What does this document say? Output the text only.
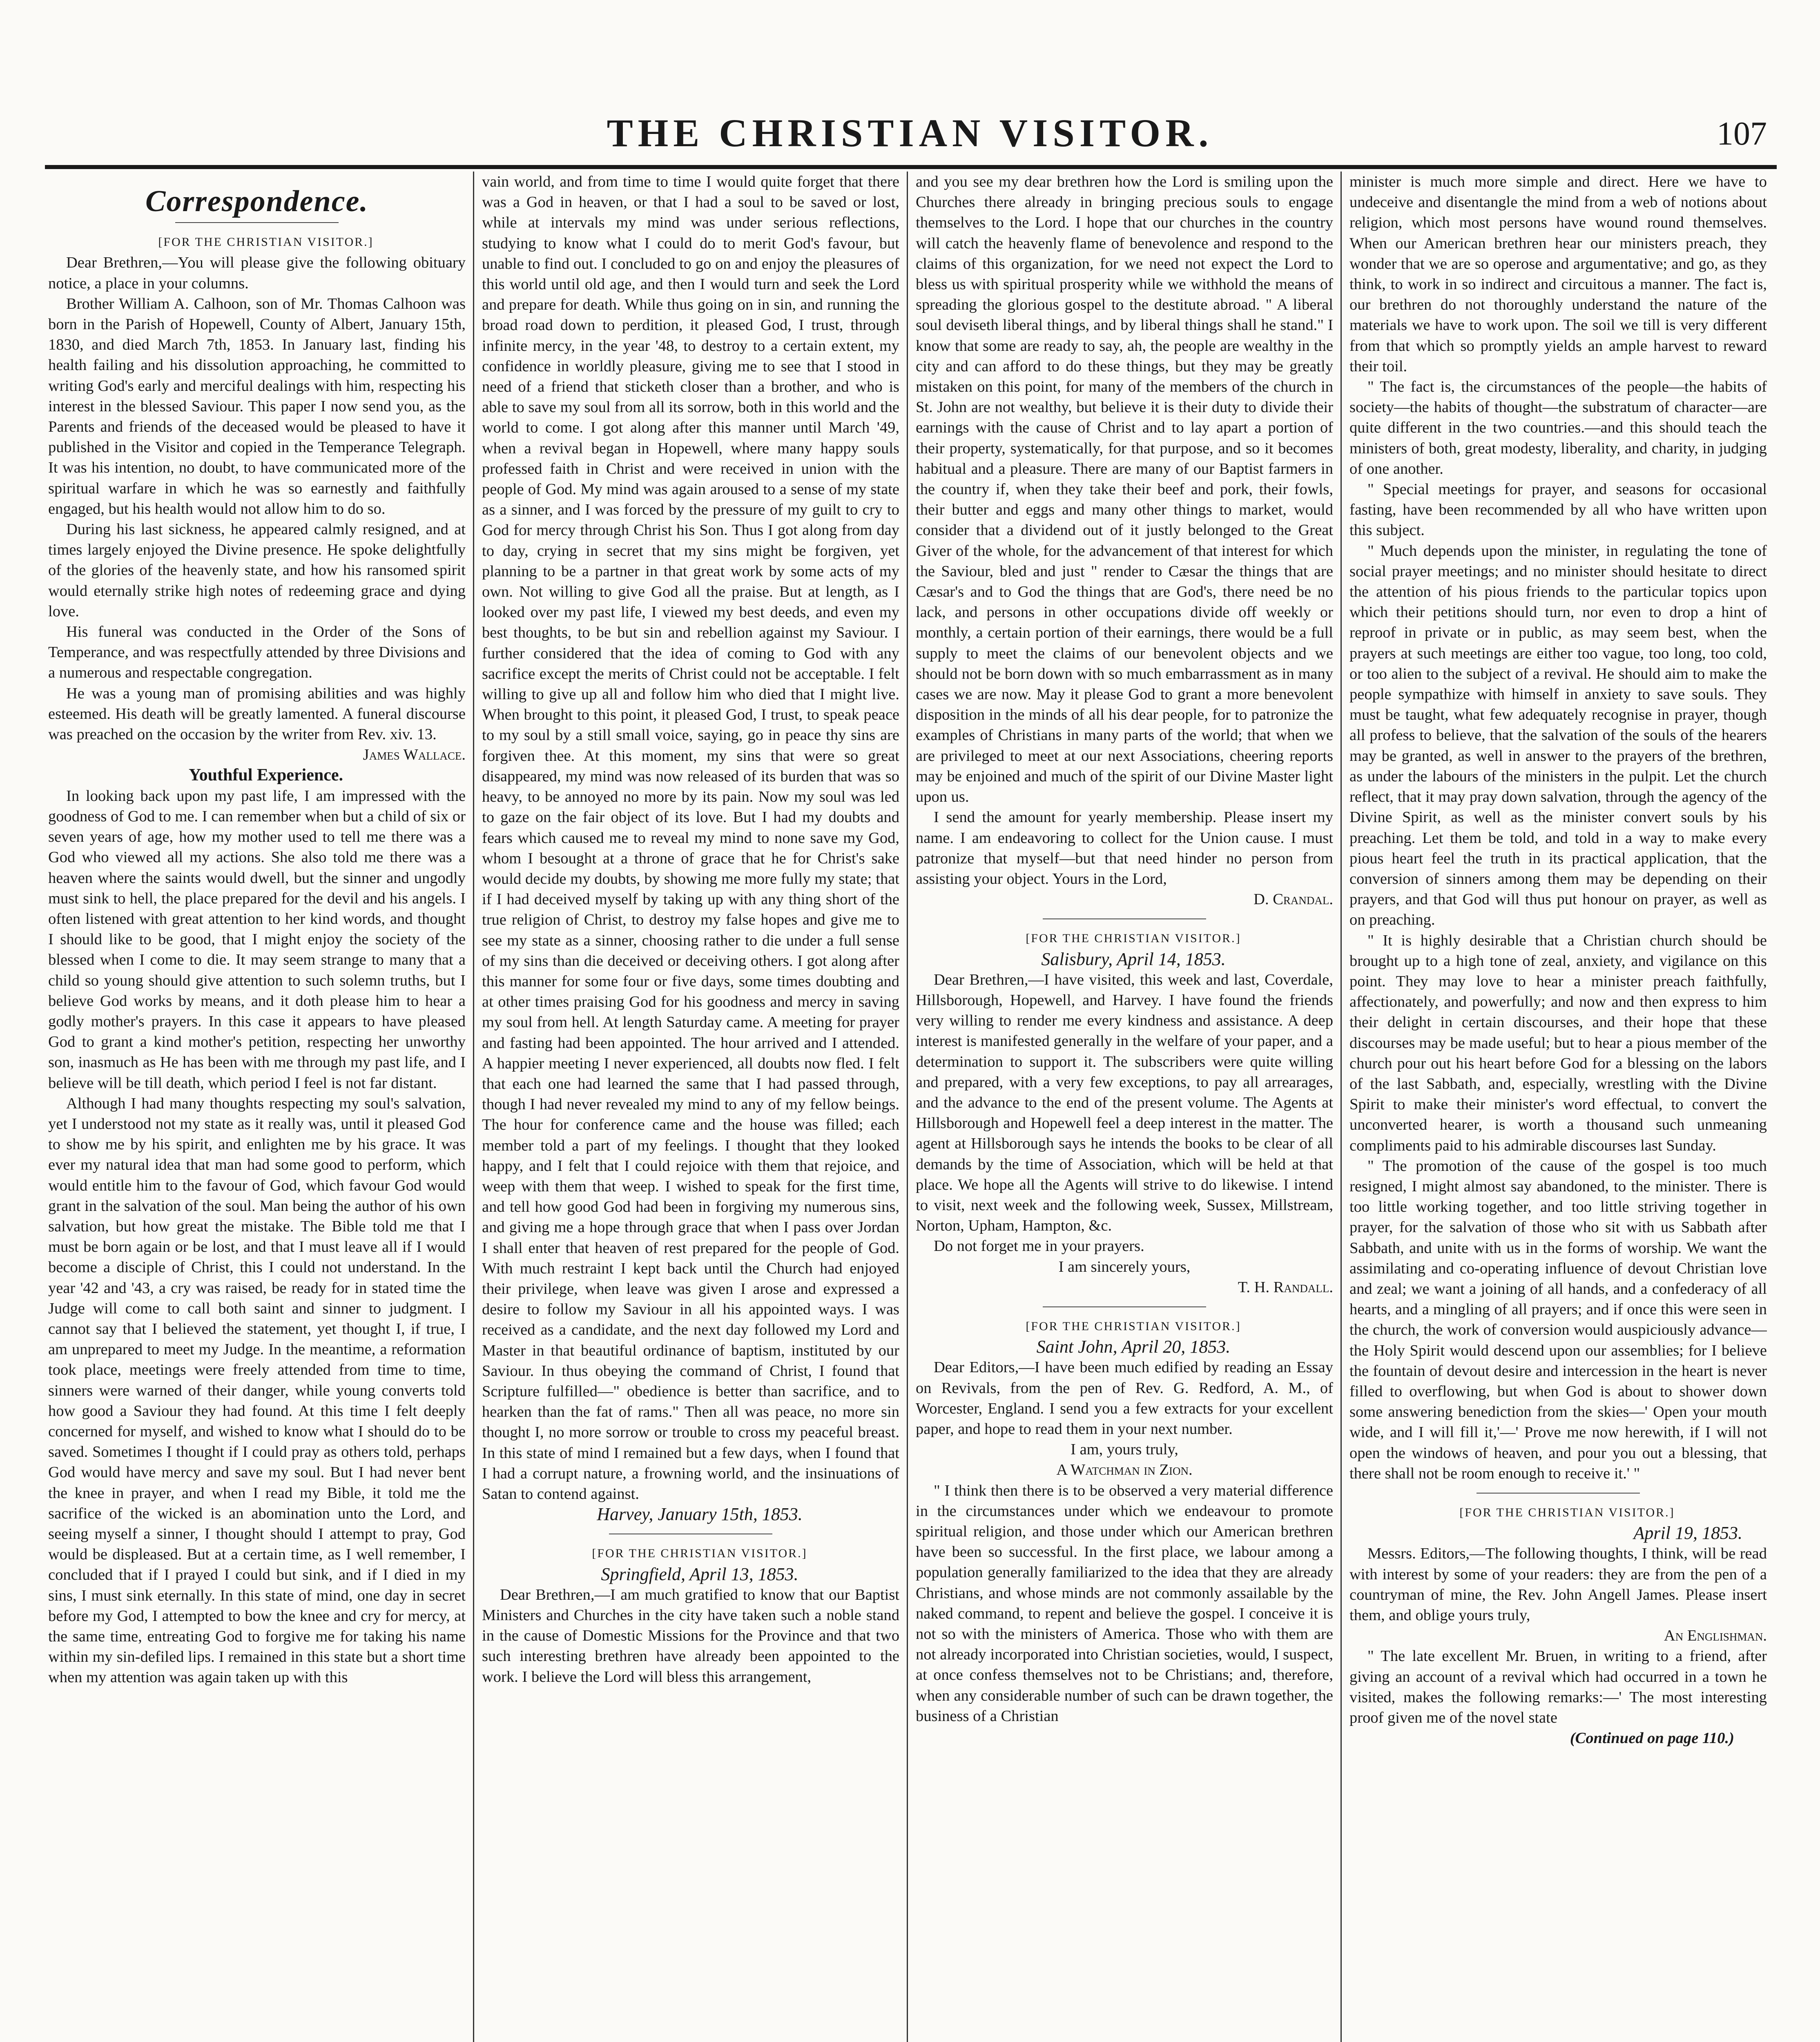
THE CHRISTIAN VISITOR.	107
Correspondence.

[FOR THE CHRISTIAN VISITOR.]

Dear Brethren,—You will please give the following obituary notice, a place in your columns.

Brother William A. Calhoon, son of Mr. Thomas Calhoon was born in the Parish of Hopewell, County of Albert, January 15th, 1830, and died March 7th, 1853. In January last, finding his health failing and his dissolution approaching, he committed to writing God's early and merciful dealings with him, respecting his interest in the blessed Saviour. This paper I now send you, as the Parents and friends of the deceased would be pleased to have it published in the Visitor and copied in the Temperance Telegraph. It was his intention, no doubt, to have communicated more of the spiritual warfare in which he was so earnestly and faithfully engaged, but his health would not allow him to do so.

During his last sickness, he appeared calmly resigned, and at times largely enjoyed the Divine presence. He spoke delightfully of the glories of the heavenly state, and how his ransomed spirit would eternally strike high notes of redeeming grace and dying love.

His funeral was conducted in the Order of the Sons of Temperance, and was respectfully attended by three Divisions and a numerous and respectable congregation.

He was a young man of promising abilities and was highly esteemed. His death will be greatly lamented. A funeral discourse was preached on the occasion by the writer from Rev. xiv. 13.

James Wallace.

Youthful Experience.

In looking back upon my past life, I am impressed with the goodness of God to me. I can remember when but a child of six or seven years of age, how my mother used to tell me there was a God who viewed all my actions. She also told me there was a heaven where the saints would dwell, but the sinner and ungodly must sink to hell, the place prepared for the devil and his angels. I often listened with great attention to her kind words, and thought I should like to be good, that I might enjoy the society of the blessed when I come to die. It may seem strange to many that a child so young should give attention to such solemn truths, but I believe God works by means, and it doth please him to hear a godly mother's prayers. In this case it appears to have pleased God to grant a kind mother's petition, respecting her unworthy son, inasmuch as He has been with me through my past life, and I believe will be till death, which period I feel is not far distant.

Although I had many thoughts respecting my soul's salvation, yet I understood not my state as it really was, until it pleased God to show me by his spirit, and enlighten me by his grace. It was ever my natural idea that man had some good to perform, which would entitle him to the favour of God, which favour God would grant in the salvation of the soul. Man being the author of his own salvation, but how great the mistake. The Bible told me that I must be born again or be lost, and that I must leave all if I would become a disciple of Christ, this I could not understand. In the year '42 and '43, a cry was raised, be ready for in stated time the Judge will come to call both saint and sinner to judgment. I cannot say that I believed the statement, yet thought I, if true, I am unprepared to meet my Judge. In the meantime, a reformation took place, meetings were freely attended from time to time, sinners were warned of their danger, while young converts told how good a Saviour they had found. At this time I felt deeply concerned for myself, and wished to know what I should do to be saved. Sometimes I thought if I could pray as others told, perhaps God would have mercy and save my soul. But I had never bent the knee in prayer, and when I read my Bible, it told me the sacrifice of the wicked is an abomination unto the Lord, and seeing myself a sinner, I thought should I attempt to pray, God would be displeased. But at a certain time, as I well remember, I concluded that if I prayed I could but sink, and if I died in my sins, I must sink eternally. In this state of mind, one day in secret before my God, I attempted to bow the knee and cry for mercy, at the same time, entreating God to forgive me for taking his name within my sin-defiled lips. I remained in this state but a short time when my attention was again taken up with this

vain world, and from time to time I would quite forget that there was a God in heaven, or that I had a soul to be saved or lost, while at intervals my mind was under serious reflections, studying to know what I could do to merit God's favour, but unable to find out. I concluded to go on and enjoy the pleasures of this world until old age, and then I would turn and seek the Lord and prepare for death. While thus going on in sin, and running the broad road down to perdition, it pleased God, I trust, through infinite mercy, in the year '48, to destroy to a certain extent, my confidence in worldly pleasure, giving me to see that I stood in need of a friend that sticketh closer than a brother, and who is able to save my soul from all its sorrow, both in this world and the world to come. I got along after this manner until March '49, when a revival began in Hopewell, where many happy souls professed faith in Christ and were received in union with the people of God. My mind was again aroused to a sense of my state as a sinner, and I was forced by the pressure of my guilt to cry to God for mercy through Christ his Son. Thus I got along from day to day, crying in secret that my sins might be forgiven, yet planning to be a partner in that great work by some acts of my own. Not willing to give God all the praise. But at length, as I looked over my past life, I viewed my best deeds, and even my best thoughts, to be but sin and rebellion against my Saviour. I further considered that the idea of coming to God with any sacrifice except the merits of Christ could not be acceptable. I felt willing to give up all and follow him who died that I might live. When brought to this point, it pleased God, I trust, to speak peace to my soul by a still small voice, saying, go in peace thy sins are forgiven thee. At this moment, my sins that were so great disappeared, my mind was now released of its burden that was so heavy, to be annoyed no more by its pain. Now my soul was led to gaze on the fair object of its love. But I had my doubts and fears which caused me to reveal my mind to none save my God, whom I besought at a throne of grace that he for Christ's sake would decide my doubts, by showing me more fully my state; that if I had deceived myself by taking up with any thing short of the true religion of Christ, to destroy my false hopes and give me to see my state as a sinner, choosing rather to die under a full sense of my sins than die deceived or deceiving others. I got along after this manner for some four or five days, some times doubting and at other times praising God for his goodness and mercy in saving my soul from hell. At length Saturday came. A meeting for prayer and fasting had been appointed. The hour arrived and I attended. A happier meeting I never experienced, all doubts now fled. I felt that each one had learned the same that I had passed through, though I had never revealed my mind to any of my fellow beings. The hour for conference came and the house was filled; each member told a part of my feelings. I thought that they looked happy, and I felt that I could rejoice with them that rejoice, and weep with them that weep. I wished to speak for the first time, and tell how good God had been in forgiving my numerous sins, and giving me a hope through grace that when I pass over Jordan I shall enter that heaven of rest prepared for the people of God. With much restraint I kept back until the Church had enjoyed their privilege, when leave was given I arose and expressed a desire to follow my Saviour in all his appointed ways. I was received as a candidate, and the next day followed my Lord and Master in that beautiful ordinance of baptism, instituted by our Saviour. In thus obeying the command of Christ, I found that Scripture fulfilled—" obedience is better than sacrifice, and to hearken than the fat of rams." Then all was peace, no more sin thought I, no more sorrow or trouble to cross my peaceful breast. In this state of mind I remained but a few days, when I found that I had a corrupt nature, a frowning world, and the insinuations of Satan to contend against.

Harvey, January 15th, 1853.

[FOR THE CHRISTIAN VISITOR.]

Springfield, April 13, 1853.

Dear Brethren,—I am much gratified to know that our Baptist Ministers and Churches in the city have taken such a noble stand in the cause of Domestic Missions for the Province and that two such interesting brethren have already been appointed to the work. I believe the Lord will bless this arrangement,

and you see my dear brethren how the Lord is smiling upon the Churches there already in bringing precious souls to engage themselves to the Lord. I hope that our churches in the country will catch the heavenly flame of benevolence and respond to the claims of this organization, for we need not expect the Lord to bless us with spiritual prosperity while we withhold the means of spreading the glorious gospel to the destitute abroad. " A liberal soul deviseth liberal things, and by liberal things shall he stand." I know that some are ready to say, ah, the people are wealthy in the city and can afford to do these things, but they may be greatly mistaken on this point, for many of the members of the church in St. John are not wealthy, but believe it is their duty to divide their earnings with the cause of Christ and to lay apart a portion of their property, systematically, for that purpose, and so it becomes habitual and a pleasure. There are many of our Baptist farmers in the country if, when they take their beef and pork, their fowls, their butter and eggs and many other things to market, would consider that a dividend out of it justly belonged to the Great Giver of the whole, for the advancement of that interest for which the Saviour, bled and just " render to Cæsar the things that are Cæsar's and to God the things that are God's, there need be no lack, and persons in other occupations divide off weekly or monthly, a certain portion of their earnings, there would be a full supply to meet the claims of our benevolent objects and we should not be born down with so much embarrassment as in many cases we are now. May it please God to grant a more benevolent disposition in the minds of all his dear people, for to patronize the examples of Christians in many parts of the world; that when we are privileged to meet at our next Associations, cheering reports may be enjoined and much of the spirit of our Divine Master light upon us.

I send the amount for yearly membership. Please insert my name. I am endeavoring to collect for the Union cause. I must patronize that myself—but that need hinder no person from assisting your object. Yours in the Lord,

D. Crandal.

[FOR THE CHRISTIAN VISITOR.]

Salisbury, April 14, 1853.

Dear Brethren,—I have visited, this week and last, Coverdale, Hillsborough, Hopewell, and Harvey. I have found the friends very willing to render me every kindness and assistance. A deep interest is manifested generally in the welfare of your paper, and a determination to support it. The subscribers were quite willing and prepared, with a very few exceptions, to pay all arrearages, and the advance to the end of the present volume. The Agents at Hillsborough and Hopewell feel a deep interest in the matter. The agent at Hillsborough says he intends the books to be clear of all demands by the time of Association, which will be held at that place. We hope all the Agents will strive to do likewise. I intend to visit, next week and the following week, Sussex, Millstream, Norton, Upham, Hampton, &c.

Do not forget me in your prayers.

I am sincerely yours,

T. H. Randall.

[FOR THE CHRISTIAN VISITOR.]

Saint John, April 20, 1853.

Dear Editors,—I have been much edified by reading an Essay on Revivals, from the pen of Rev. G. Redford, A. M., of Worcester, England. I send you a few extracts for your excellent paper, and hope to read them in your next number.

I am, yours truly,

A Watchman in Zion.

" I think then there is to be observed a very material difference in the circumstances under which we endeavour to promote spiritual religion, and those under which our American brethren have been so successful. In the first place, we labour among a population generally familiarized to the idea that they are already Christians, and whose minds are not commonly assailable by the naked command, to repent and believe the gospel. I conceive it is not so with the ministers of America. Those who with them are not already incorporated into Christian societies, would, I suspect, at once confess themselves not to be Christians; and, therefore, when any considerable number of such can be drawn together, the business of a Christian

minister is much more simple and direct. Here we have to undeceive and disentangle the mind from a web of notions about religion, which most persons have wound round themselves. When our American brethren hear our ministers preach, they wonder that we are so operose and argumentative; and go, as they think, to work in so indirect and circuitous a manner. The fact is, our brethren do not thoroughly understand the nature of the materials we have to work upon. The soil we till is very different from that which so promptly yields an ample harvest to reward their toil.

" The fact is, the circumstances of the people—the habits of society—the habits of thought—the substratum of character—are quite different in the two countries.—and this should teach the ministers of both, great modesty, liberality, and charity, in judging of one another.

" Special meetings for prayer, and seasons for occasional fasting, have been recommended by all who have written upon this subject.

" Much depends upon the minister, in regulating the tone of social prayer meetings; and no minister should hesitate to direct the attention of his pious friends to the particular topics upon which their petitions should turn, nor even to drop a hint of reproof in private or in public, as may seem best, when the prayers at such meetings are either too vague, too long, too cold, or too alien to the subject of a revival. He should aim to make the people sympathize with himself in anxiety to save souls. They must be taught, what few adequately recognise in prayer, though all profess to believe, that the salvation of the souls of the hearers may be granted, as well in answer to the prayers of the brethren, as under the labours of the ministers in the pulpit. Let the church reflect, that it may pray down salvation, through the agency of the Divine Spirit, as well as the minister convert souls by his preaching. Let them be told, and told in a way to make every pious heart feel the truth in its practical application, that the conversion of sinners among them may be depending on their prayers, and that God will thus put honour on prayer, as well as on preaching.

" It is highly desirable that a Christian church should be brought up to a high tone of zeal, anxiety, and vigilance on this point. They may love to hear a minister preach faithfully, affectionately, and powerfully; and now and then express to him their delight in certain discourses, and their hope that these discourses may be made useful; but to hear a pious member of the church pour out his heart before God for a blessing on the labors of the last Sabbath, and, especially, wrestling with the Divine Spirit to make their minister's word effectual, to convert the unconverted hearer, is worth a thousand such unmeaning compliments paid to his admirable discourses last Sunday.

" The promotion of the cause of the gospel is too much resigned, I might almost say abandoned, to the minister. There is too little working together, and too little striving together in prayer, for the salvation of those who sit with us Sabbath after Sabbath, and unite with us in the forms of worship. We want the assimilating and co-operating influence of devout Christian love and zeal; we want a joining of all hands, and a confederacy of all hearts, and a mingling of all prayers; and if once this were seen in the church, the work of conversion would auspiciously advance—the Holy Spirit would descend upon our assemblies; for I believe the fountain of devout desire and intercession in the heart is never filled to overflowing, but when God is about to shower down some answering benediction from the skies—' Open your mouth wide, and I will fill it,'—' Prove me now herewith, if I will not open the windows of heaven, and pour you out a blessing, that there shall not be room enough to receive it.' "

[FOR THE CHRISTIAN VISITOR.]

April 19, 1853.

Messrs. Editors,—The following thoughts, I think, will be read with interest by some of your readers: they are from the pen of a countryman of mine, the Rev. John Angell James. Please insert them, and oblige yours truly,

An Englishman.

" The late excellent Mr. Bruen, in writing to a friend, after giving an account of a revival which had occurred in a town he visited, makes the following remarks:—' The most interesting proof given me of the novel state

(Continued on page 110.)
